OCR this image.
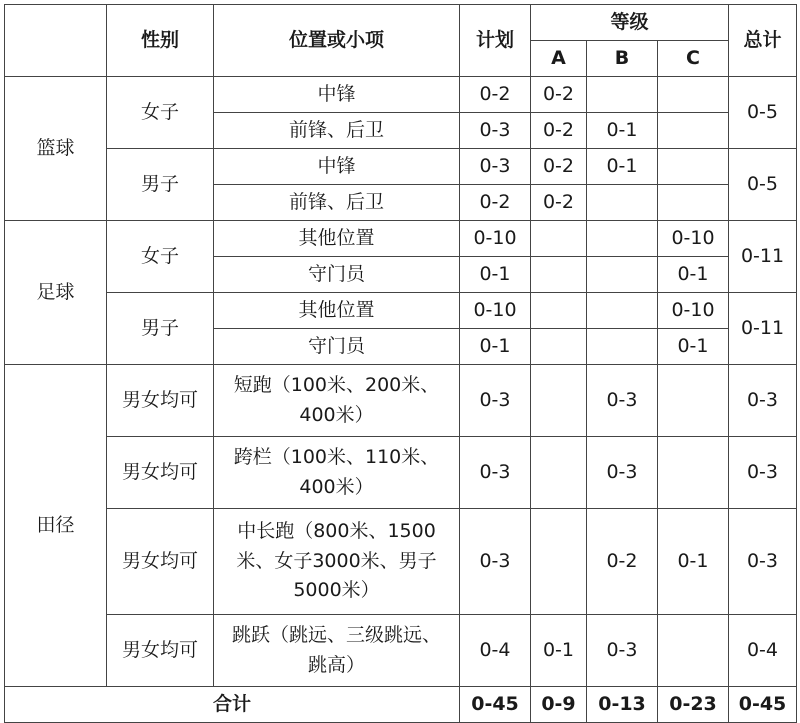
	性别	位置或小项	计划	等级			总计
				A	B	C	
篮球	女子	中锋	0-2	0-2			0-5
		前锋、后卫	0-3	0-2	0-1		
	男子	中锋	0-3	0-2	0-1		0-5
		前锋、后卫	0-2	0-2			
足球	女子	其他位置	0-10			0-10	0-11
		守门员	0-1			0-1	
	男子	其他位置	0-10			0-10	0-11
		守门员	0-1			0-1	
田径	男女均可	短跑（100米、200米、400米）	0-3		0-3		0-3
	男女均可	跨栏（100米、110米、400米）	0-3		0-3		0-3
	男女均可	中长跑（800米、1500米、女子3000米、男子5000米）	0-3		0-2	0-1	0-3
	男女均可	跳跃（跳远、三级跳远、跳高）	0-4	0-1	0-3		0-4
合计			0-45	0-9	0-13	0-23	0-45
